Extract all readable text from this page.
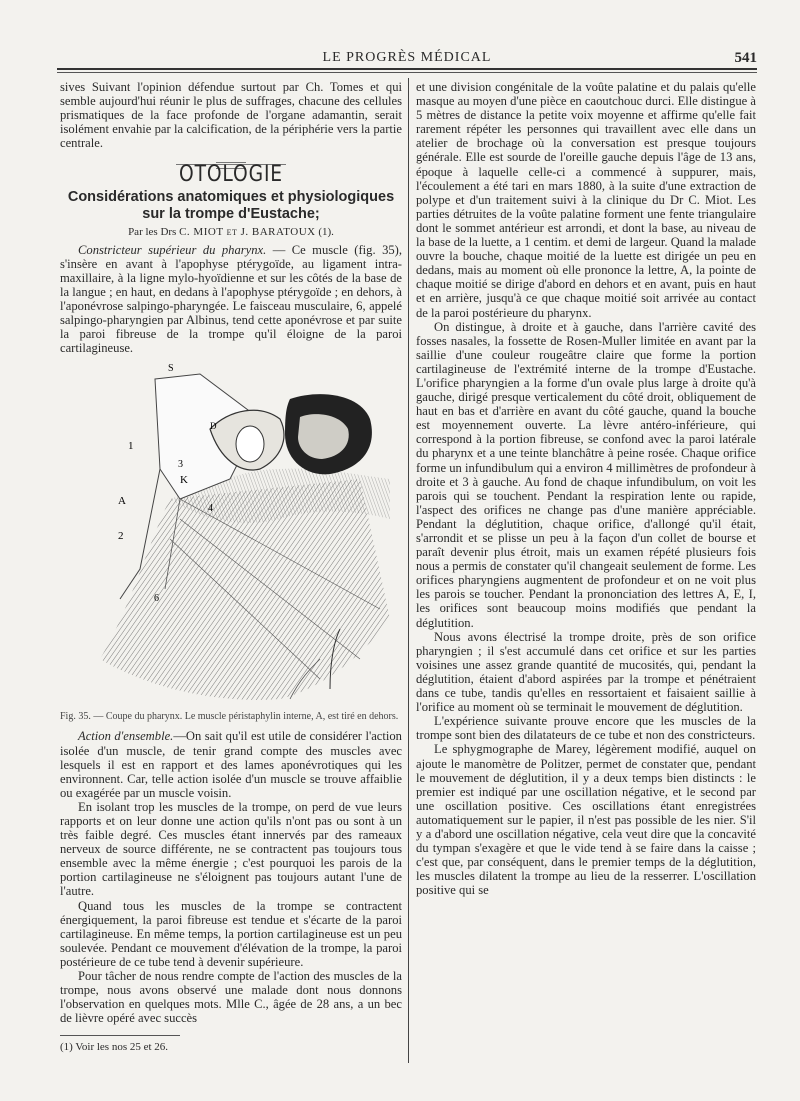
LE PROGRÈS MÉDICAL	541

sives Suivant l'opinion défendue surtout par Ch. Tomes et qui semble aujourd'hui réunir le plus de suffrages, chacune des cellules prismatiques de la face profonde de l'organe adamantin, serait isolément envahie par la calcification, de la périphérie vers la partie centrale.

OTOLOGIE
Considérations anatomiques et physiologiques sur la trompe d'Eustache;
Par les Drs C. MIOT et J. BARATOUX (1).

Constricteur supérieur du pharynx. — Ce muscle (fig. 35), s'insère en avant à l'apophyse ptérygoïde, au ligament intra-maxillaire, à la ligne mylo-hyoïdienne et sur les côtés de la base de la langue ; en haut, en dedans à l'apophyse ptérygoïde ; en dehors, à l'aponévrose salpingo-pharyngée. Le faisceau musculaire, 6, appelé salpingo-pharyngien par Albinus, tend cette aponévrose et par suite la paroi fibreuse de la trompe qu'il éloigne de la paroi cartilagineuse.

S
1
A
2
3
4
K
D
6
Fig. 35. — Coupe du pharynx. Le muscle péristaphylin interne, A, est tiré en dehors.

Action d'ensemble.—On sait qu'il est utile de considérer l'action isolée d'un muscle, de tenir grand compte des muscles avec lesquels il est en rapport et des lames aponévrotiques qui les environnent. Car, telle action isolée d'un muscle se trouve affaiblie ou exagérée par un muscle voisin.

En isolant trop les muscles de la trompe, on perd de vue leurs rapports et on leur donne une action qu'ils n'ont pas ou sont à un très faible degré. Ces muscles étant innervés par des rameaux nerveux de source différente, ne se contractent pas toujours tous ensemble avec la même énergie ; c'est pourquoi les parois de la portion cartilagineuse ne s'éloignent pas toujours autant l'une de l'autre.

Quand tous les muscles de la trompe se contractent énergiquement, la paroi fibreuse est tendue et s'écarte de la paroi cartilagineuse. En même temps, la portion cartilagineuse est un peu soulevée. Pendant ce mouvement d'élévation de la trompe, la paroi postérieure de ce tube tend à devenir supérieure.

Pour tâcher de nous rendre compte de l'action des muscles de la trompe, nous avons observé une malade dont nous donnons l'observation en quelques mots. Mlle C., âgée de 28 ans, a un bec de lièvre opéré avec succès

(1) Voir les nos 25 et 26.

et une division congénitale de la voûte palatine et du palais qu'elle masque au moyen d'une pièce en caoutchouc durci. Elle distingue à 5 mètres de distance la petite voix moyenne et affirme qu'elle fait rarement répéter les personnes qui travaillent avec elle dans un atelier de brochage où la conversation est presque toujours générale. Elle est sourde de l'oreille gauche depuis l'âge de 13 ans, époque à laquelle celle-ci a commencé à suppurer, mais, l'écoulement a été tari en mars 1880, à la suite d'une extraction de polype et d'un traitement suivi à la clinique du Dr C. Miot. Les parties détruites de la voûte palatine forment une fente triangulaire dont le sommet antérieur est arrondi, et dont la base, au niveau de la base de la luette, a 1 centim. et demi de largeur. Quand la malade ouvre la bouche, chaque moitié de la luette est dirigée un peu en dedans, mais au moment où elle prononce la lettre, A, la pointe de chaque moitié se dirige d'abord en dehors et en avant, puis en haut et en arrière, jusqu'à ce que chaque moitié soit arrivée au contact de la paroi postérieure du pharynx.

On distingue, à droite et à gauche, dans l'arrière cavité des fosses nasales, la fossette de Rosen-Muller limitée en avant par la saillie d'une couleur rougeâtre claire que forme la portion cartilagineuse de l'extrémité interne de la trompe d'Eustache. L'orifice pharyngien a la forme d'un ovale plus large à droite qu'à gauche, dirigé presque verticalement du côté droit, obliquement de haut en bas et d'arrière en avant du côté gauche, quand la bouche est moyennement ouverte. La lèvre antéro-inférieure, qui correspond à la portion fibreuse, se confond avec la paroi latérale du pharynx et a une teinte blanchâtre à peine rosée. Chaque orifice forme un infundibulum qui a environ 4 millimètres de profondeur à droite et 3 à gauche. Au fond de chaque infundibulum, on voit les parois qui se touchent. Pendant la respiration lente ou rapide, l'aspect des orifices ne change pas d'une manière appréciable. Pendant la déglutition, chaque orifice, d'allongé qu'il était, s'arrondit et se plisse un peu à la façon d'un collet de bourse et paraît devenir plus étroit, mais un examen répété plusieurs fois nous a permis de constater qu'il changeait seulement de forme. Les orifices pharyngiens augmentent de profondeur et on ne voit plus les parois se toucher. Pendant la prononciation des lettres A, E, I, les orifices sont beaucoup moins modifiés que pendant la déglutition.

Nous avons électrisé la trompe droite, près de son orifice pharyngien ; il s'est accumulé dans cet orifice et sur les parties voisines une assez grande quantité de mucosités, qui, pendant la déglutition, étaient d'abord aspirées par la trompe et pénétraient dans ce tube, tandis qu'elles en ressortaient et faisaient saillie à l'orifice au moment où se terminait le mouvement de déglutition.

L'expérience suivante prouve encore que les muscles de la trompe sont bien des dilatateurs de ce tube et non des constricteurs.

Le sphygmographe de Marey, légèrement modifié, auquel on ajoute le manomètre de Politzer, permet de constater que, pendant le mouvement de déglutition, il y a deux temps bien distincts : le premier est indiqué par une oscillation négative, et le second par une oscillation positive. Ces oscillations étant enregistrées automatiquement sur le papier, il n'est pas possible de les nier. S'il y a d'abord une oscillation négative, cela veut dire que la concavité du tympan s'exagère et que le vide tend à se faire dans la caisse ; c'est que, par conséquent, dans le premier temps de la déglutition, les muscles dilatent la trompe au lieu de la resserrer. L'oscillation positive qui se
